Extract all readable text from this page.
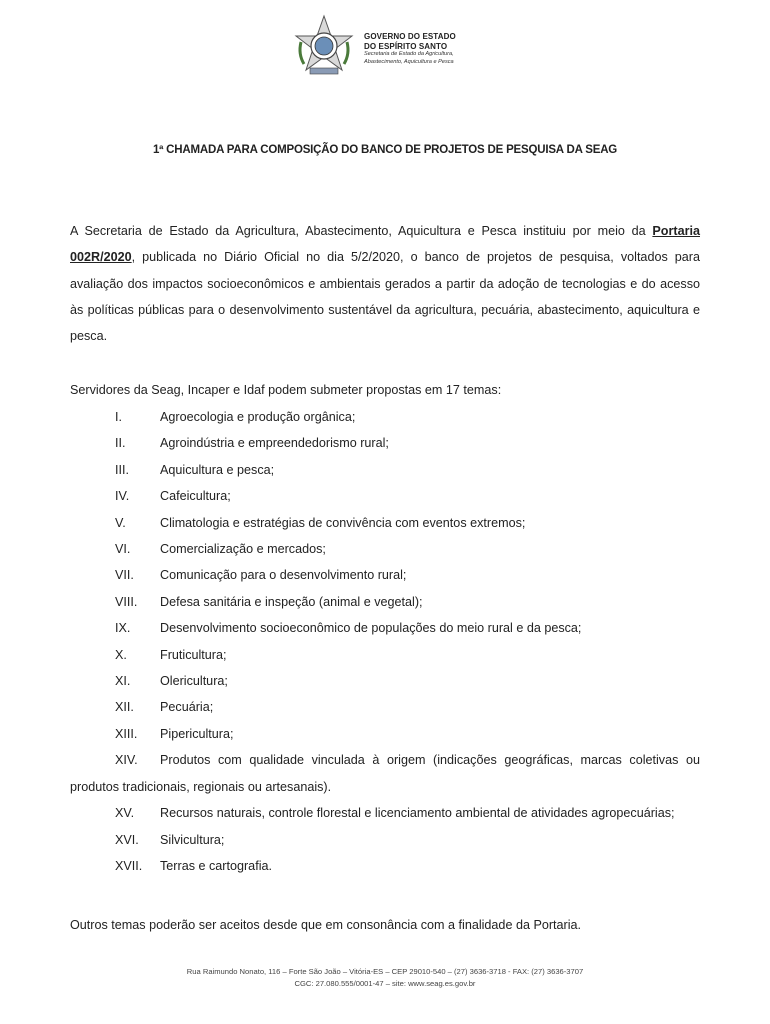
GOVERNO DO ESTADO
DO ESPÍRITO SANTO
Secretaria de Estado da Agricultura,
Abastecimento, Aquicultura e Pesca
1ª CHAMADA PARA COMPOSIÇÃO DO BANCO DE PROJETOS DE PESQUISA DA SEAG
A Secretaria de Estado da Agricultura, Abastecimento, Aquicultura e Pesca instituiu por meio da Portaria 002R/2020, publicada no Diário Oficial no dia 5/2/2020, o banco de projetos de pesquisa, voltados para avaliação dos impactos socioeconômicos e ambientais gerados a partir da adoção de tecnologias e do acesso às políticas públicas para o desenvolvimento sustentável da agricultura, pecuária, abastecimento, aquicultura e pesca.
Servidores da Seag, Incaper e Idaf podem submeter propostas em 17 temas:
I.	Agroecologia e produção orgânica;
II.	Agroindústria e empreendedorismo rural;
III. Aquicultura e pesca;
IV. Cafeicultura;
V.	Climatologia e estratégias de convivência com eventos extremos;
VI. Comercialização e mercados;
VII. Comunicação para o desenvolvimento rural;
VIII. Defesa sanitária e inspeção (animal e vegetal);
IX. Desenvolvimento socioeconômico de populações do meio rural e da pesca;
X.	Fruticultura;
XI. Olericultura;
XII. Pecuária;
XIII. Pipericultura;
XIV. Produtos com qualidade vinculada à origem (indicações geográficas, marcas coletivas ou produtos tradicionais, regionais ou artesanais).
XV. Recursos naturais, controle florestal e licenciamento ambiental de atividades agropecuárias;
XVI. Silvicultura;
XVII. Terras e cartografia.
Outros temas poderão ser aceitos desde que em consonância com a finalidade da Portaria.
Rua Raimundo Nonato, 116 – Forte São João – Vitória-ES – CEP 29010-540 – (27) 3636-3718 - FAX: (27) 3636-3707
CGC: 27.080.555/0001-47 – site: www.seag.es.gov.br
